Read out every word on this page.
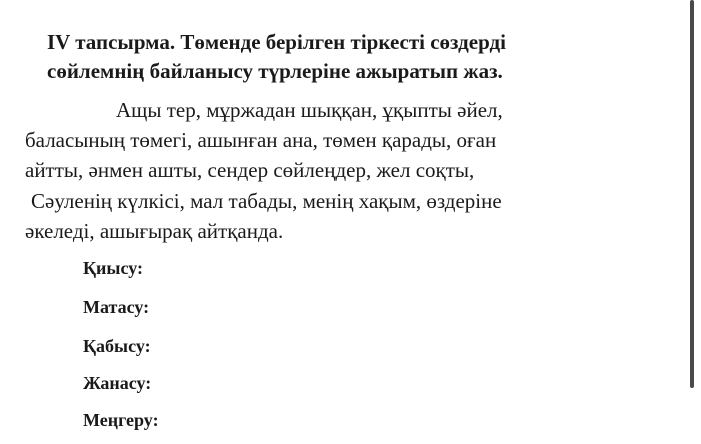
IV тапсырма. Төменде берілген тіркесті сөздерді
сөйлемнің байланысу түрлеріне ажыратып жаз.
Ащы тер, мұржадан шыққан, ұқыпты әйел,
баласының төмегі, ашынған ана, төмен қарады, оған
айтты, әнмен ашты, сендер сөйлеңдер, жел соқты,
Сәуленің күлкісі, мал табады, менің хақым, өздеріне
әкеледі, ашығырақ айтқанда.
Қиысу:
Матасу:
Қабысу:
Жанасу:
Меңгеру:
